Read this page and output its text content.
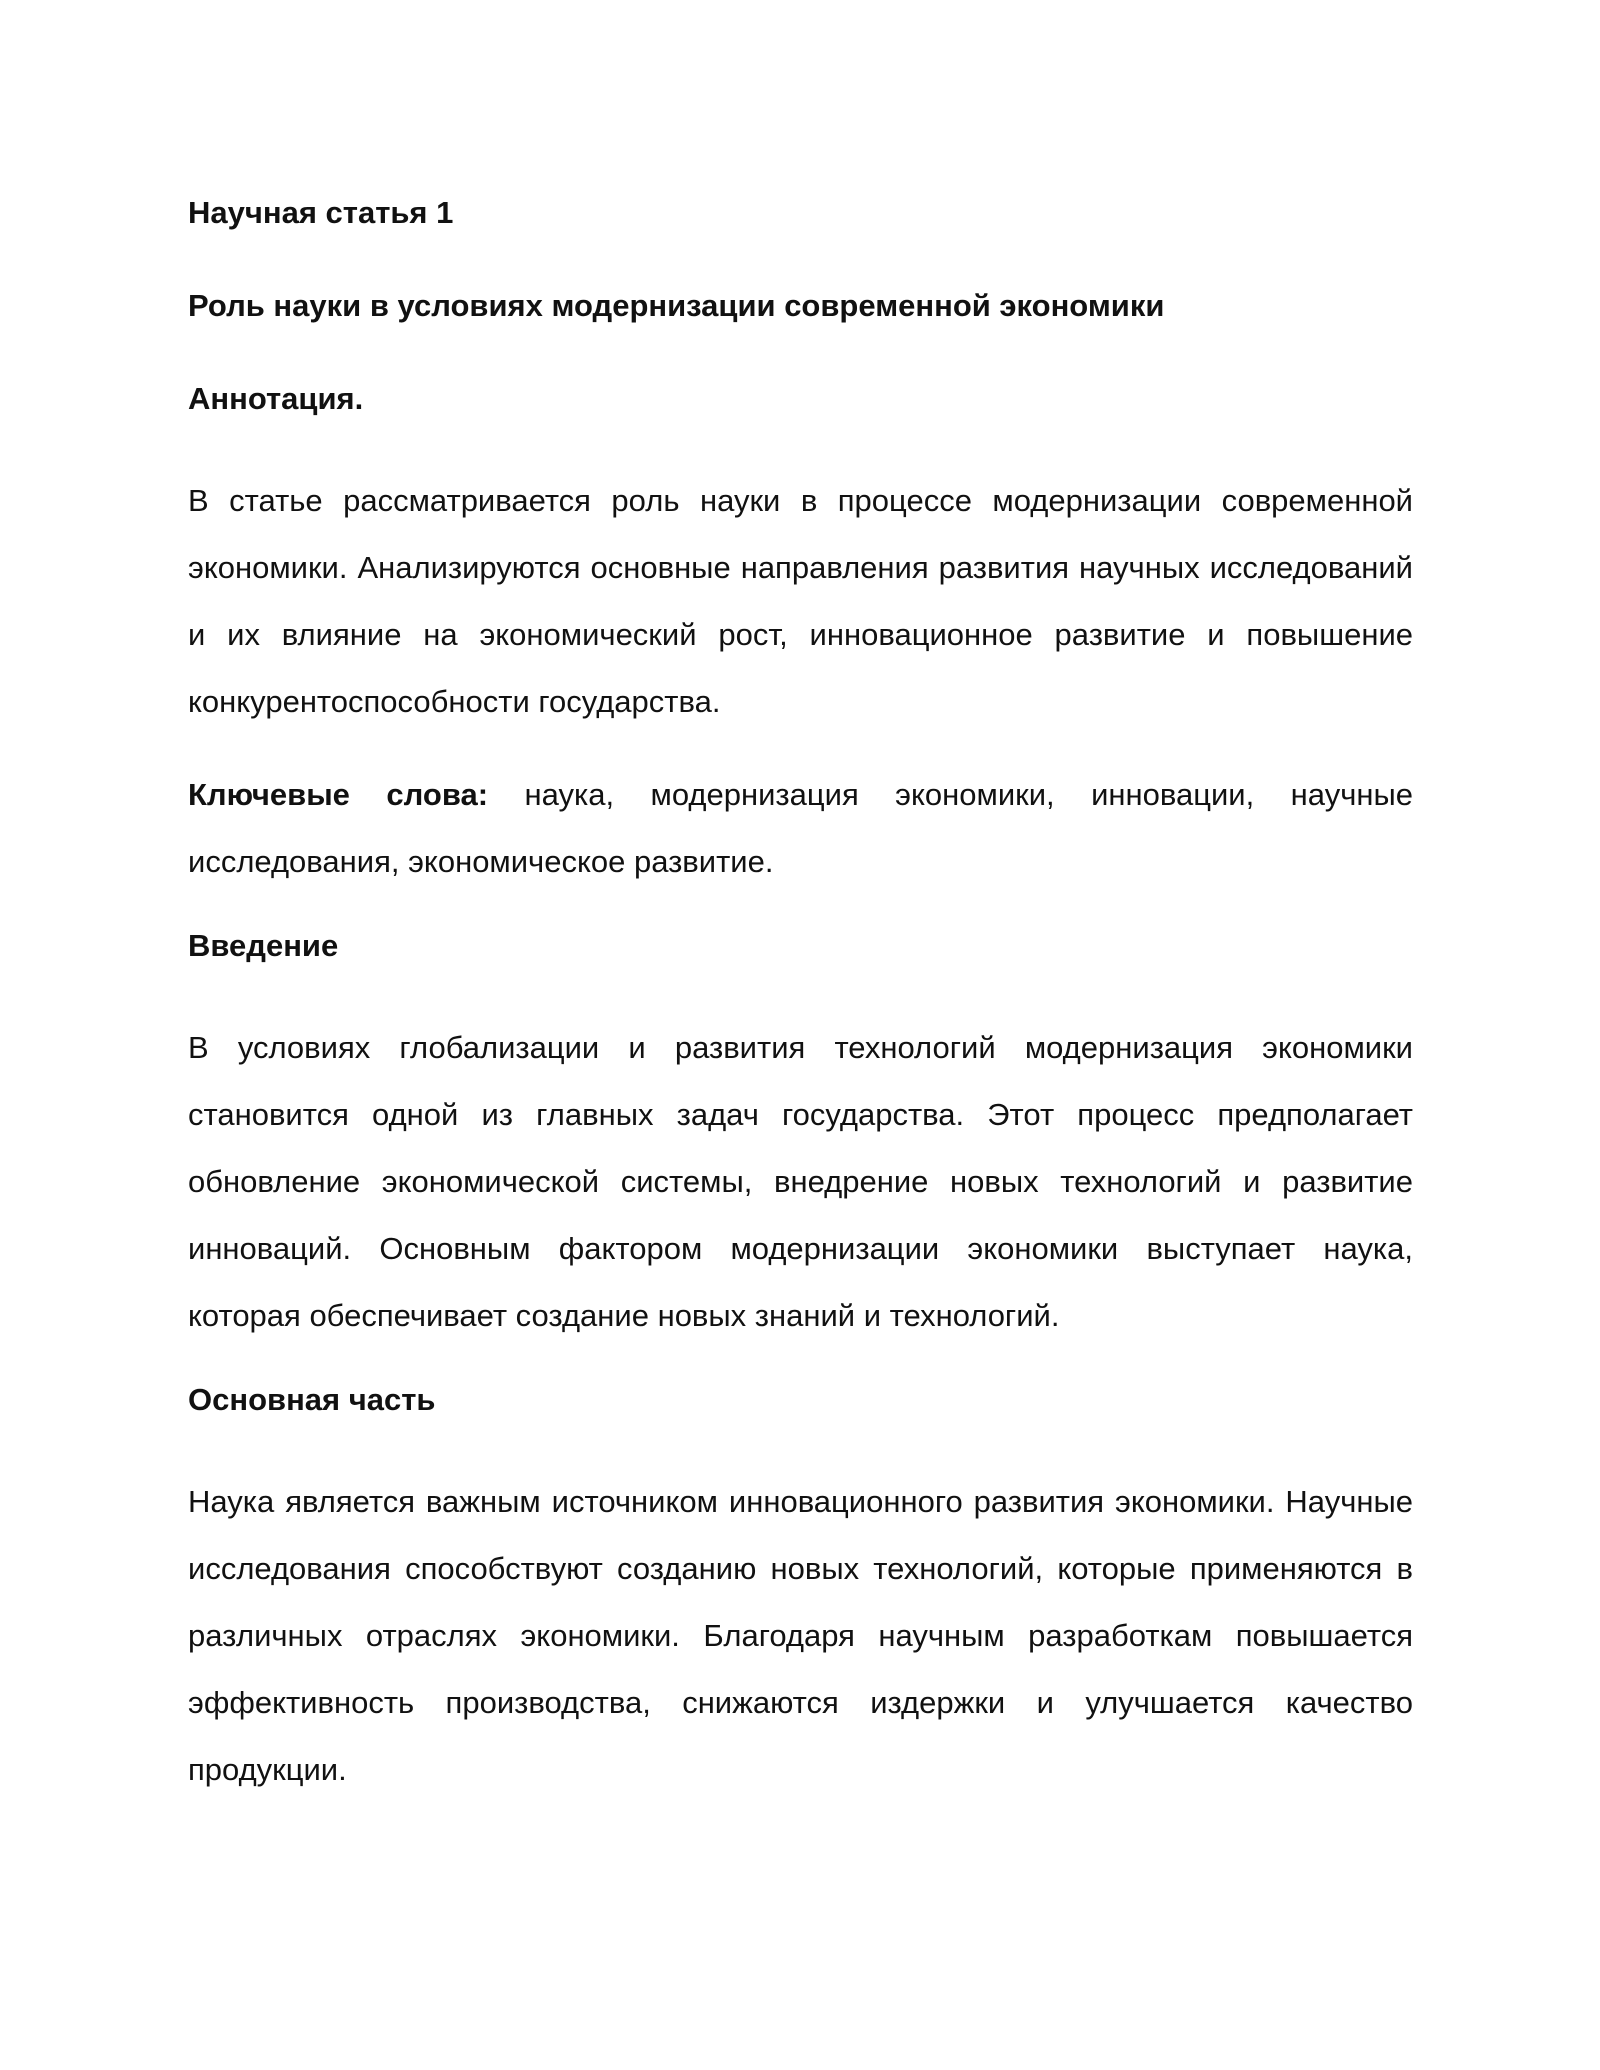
Научная статья 1
Роль науки в условиях модернизации современной экономики
Аннотация.
В статье рассматривается роль науки в процессе модернизации современной экономики. Анализируются основные направления развития научных исследований и их влияние на экономический рост, инновационное развитие и повышение конкурентоспособности государства.
Ключевые слова: наука, модернизация экономики, инновации, научные исследования, экономическое развитие.
Введение
В условиях глобализации и развития технологий модернизация экономики становится одной из главных задач государства. Этот процесс предполагает обновление экономической системы, внедрение новых технологий и развитие инноваций. Основным фактором модернизации экономики выступает наука, которая обеспечивает создание новых знаний и технологий.
Основная часть
Наука является важным источником инновационного развития экономики. Научные исследования способствуют созданию новых технологий, которые применяются в различных отраслях экономики. Благодаря научным разработкам повышается эффективность производства, снижаются издержки и улучшается качество продукции.
